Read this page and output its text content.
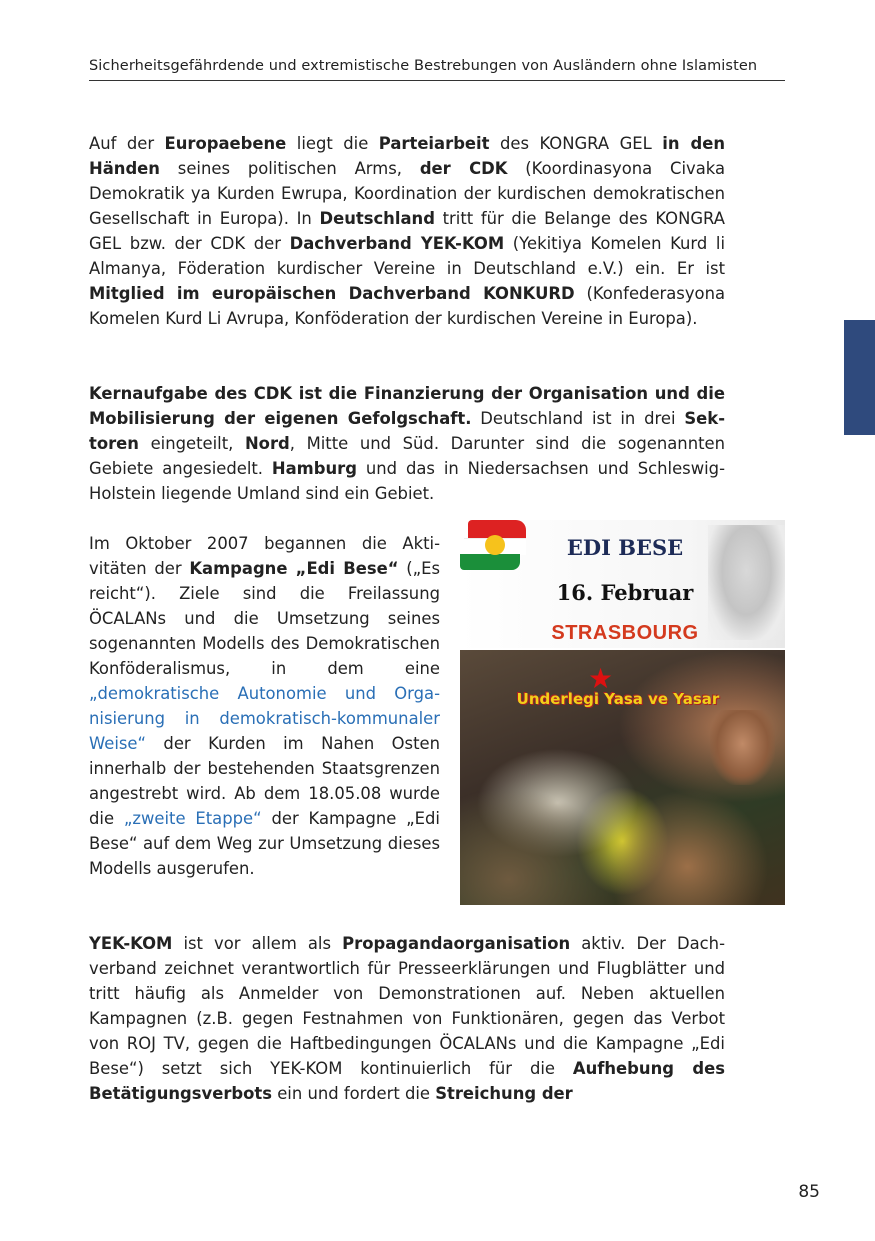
Sicherheitsgefährdende und extremistische Bestrebungen von Ausländern ohne Islamisten
Auf der Europaebene liegt die Parteiarbeit des KONGRA GEL in den Händen seines politischen Arms, der CDK (Koordinasyona Civaka Demokratik ya Kurden Ewrupa, Koordination der kurdischen demokratischen Gesellschaft in Europa). In Deutschland tritt für die Belange des KONGRA GEL bzw. der CDK der Dachverband YEK-KOM (Yekitiya Komelen Kurd li Almanya, Föderation kurdischer Vereine in Deutschland e.V.) ein. Er ist Mitglied im europäischen Dachverband KONKURD (Konfederasyona Komelen Kurd Li Avrupa, Konföderation der kurdischen Vereine in Europa).
Kernaufgabe des CDK ist die Finanzierung der Organisation und die Mobilisierung der eigenen Gefolgschaft. Deutschland ist in drei Sektoren eingeteilt, Nord, Mitte und Süd. Darunter sind die sogenannten Gebiete angesiedelt. Hamburg und das in Niedersachsen und Schleswig-Holstein liegende Umland sind ein Gebiet.
Im Oktober 2007 begannen die Aktivitäten der Kampagne „Edi Bese“ („Es reicht“). Ziele sind die Freilassung ÖCALANs und die Umsetzung seines sogenannten Modells des Demokratischen Konföderalismus, in dem eine „demokratische Autonomie und Organisierung in demokratisch-kommunaler Weise“ der Kurden im Nahen Osten innerhalb der bestehenden Staatsgrenzen angestrebt wird. Ab dem 18.05.08 wurde die „zweite Etappe“ der Kampagne „Edi Bese“ auf dem Weg zur Umsetzung dieses Modells ausgerufen.
EDI BESE
16. Februar
STRASBOURG
★
Underlegi Yasa ve Yasar
YEK-KOM ist vor allem als Propagandaorganisation aktiv. Der Dachverband zeichnet verantwortlich für Presseerklärungen und Flugblätter und tritt häufig als Anmelder von Demonstrationen auf. Neben aktuellen Kampagnen (z.B. gegen Festnahmen von Funktionären, gegen das Verbot von ROJ TV, gegen die Haftbedingungen ÖCALANs und die Kampagne „Edi Bese“) setzt sich YEK-KOM kontinuierlich für die Aufhebung des Betätigungsverbots ein und fordert die Streichung der
85
